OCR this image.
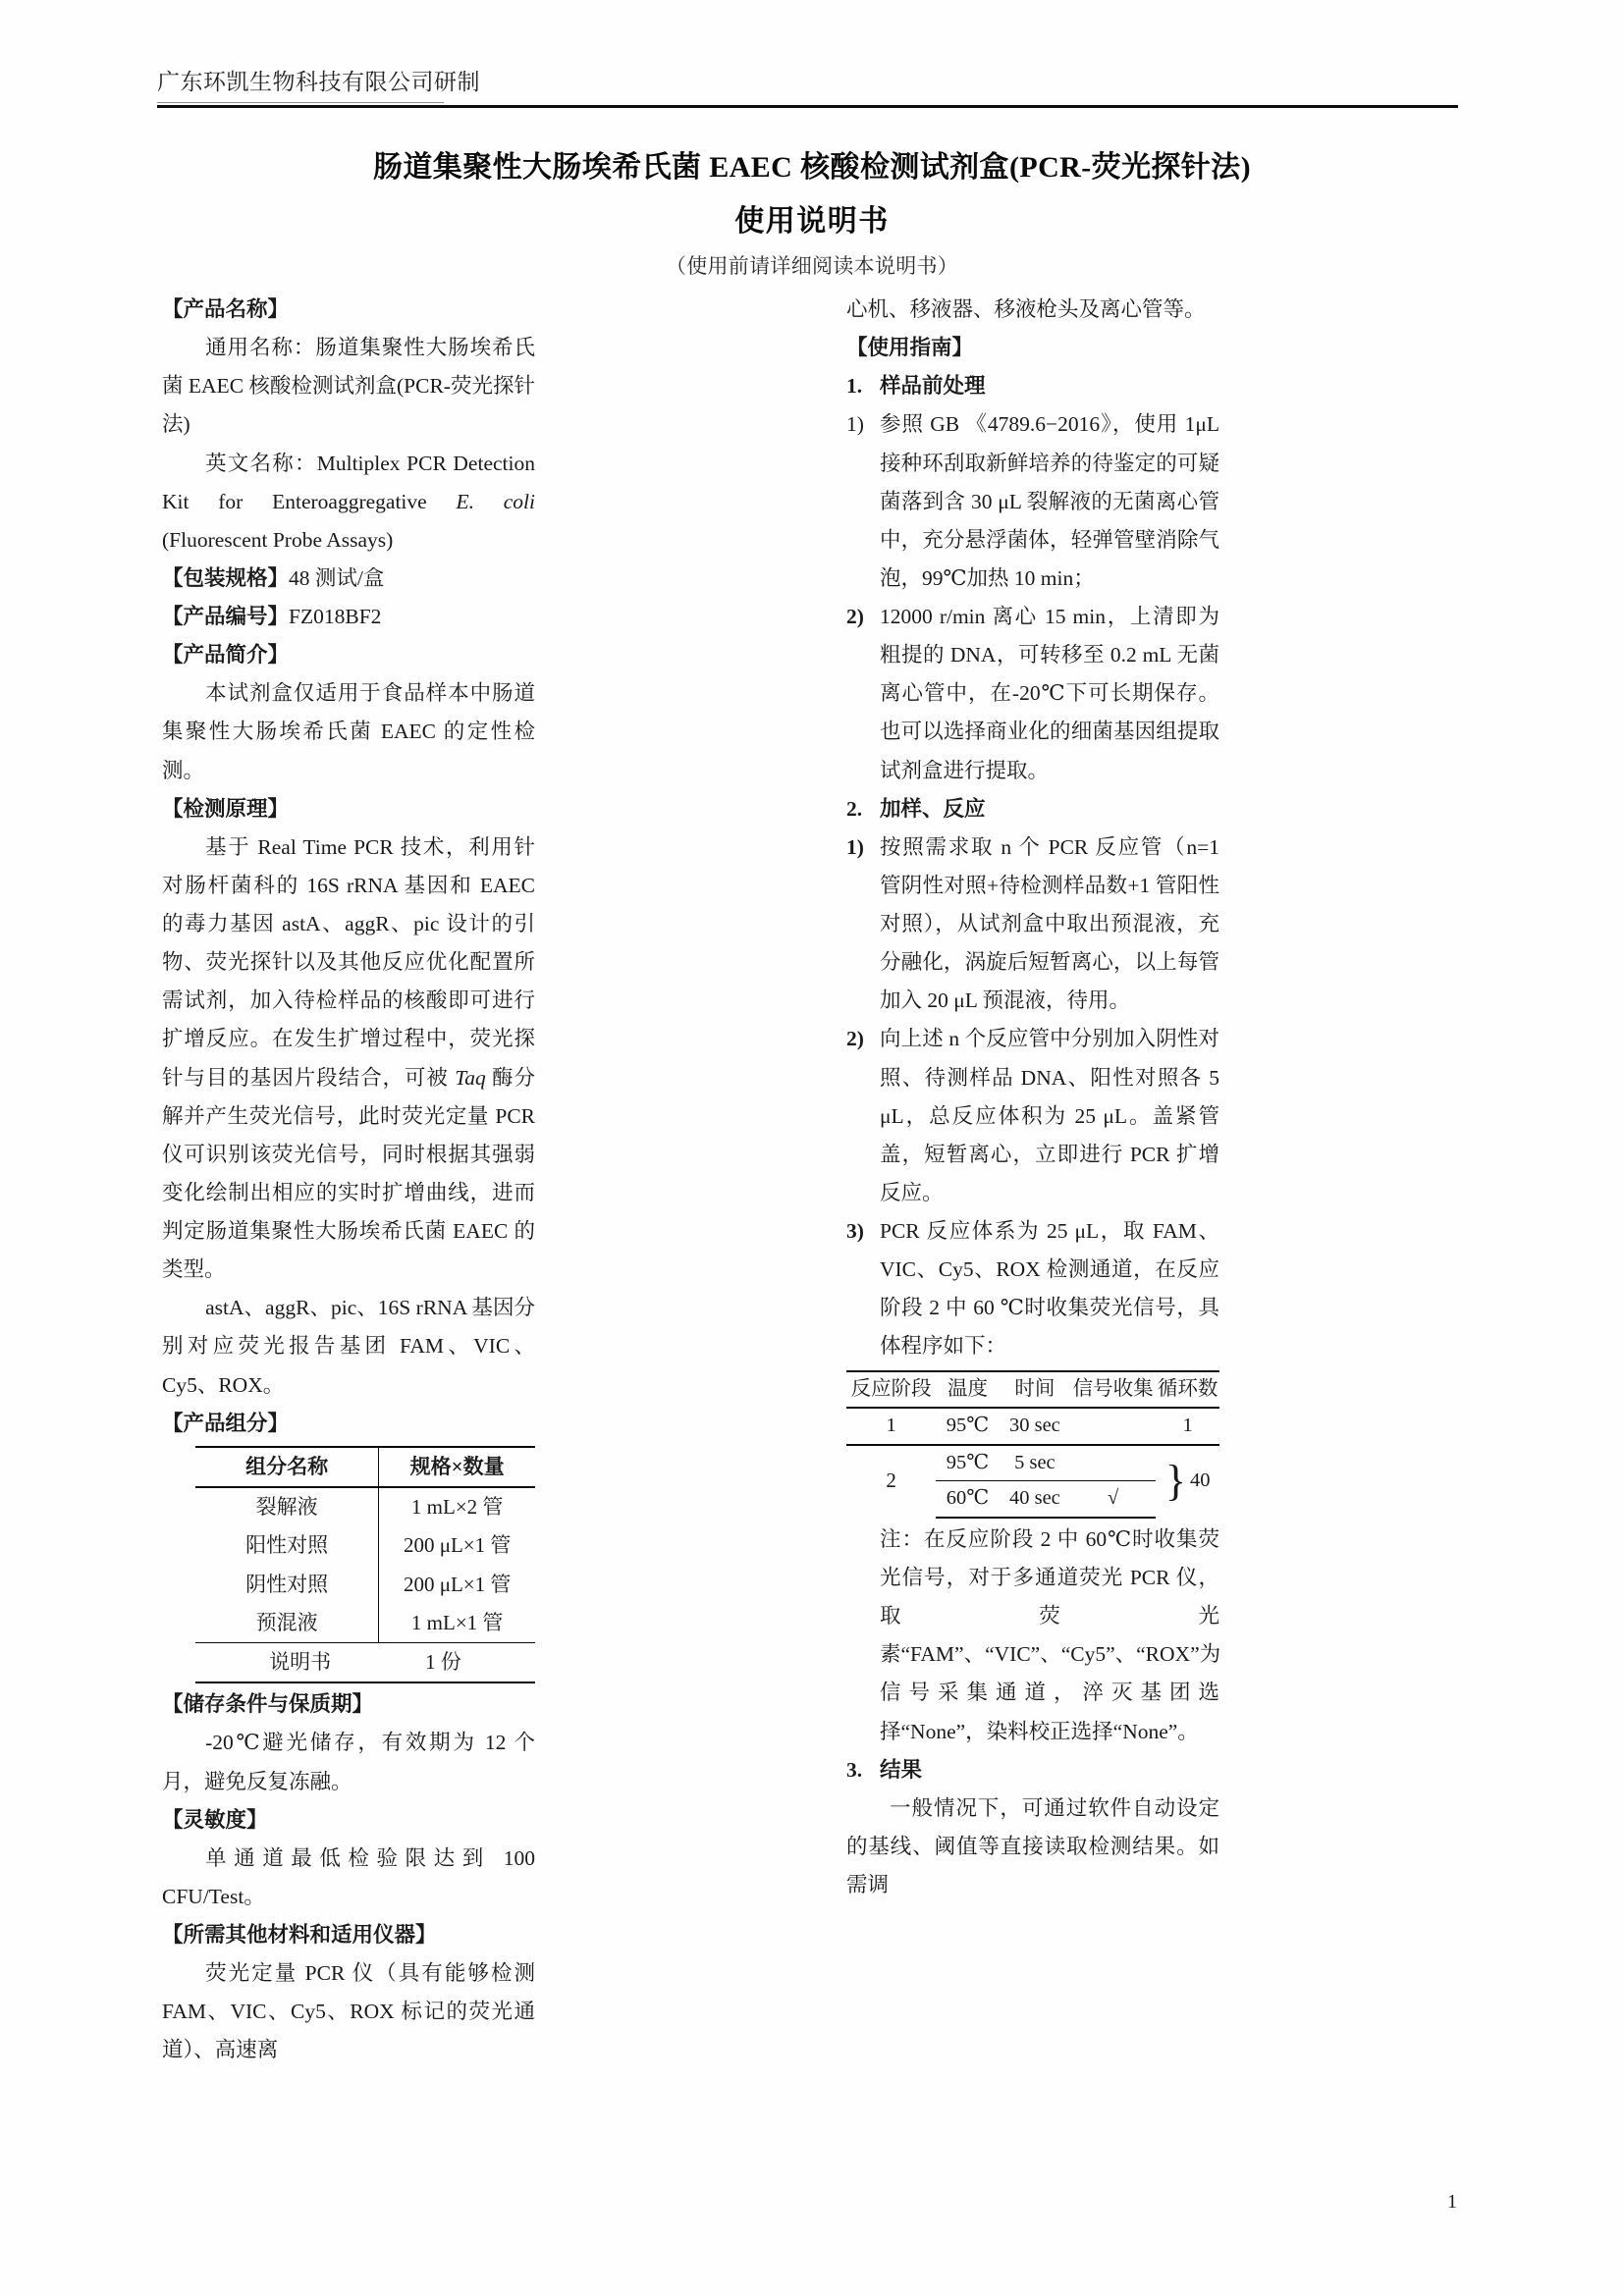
广东环凯生物科技有限公司研制
肠道集聚性大肠埃希氏菌 EAEC 核酸检测试剂盒(PCR-荧光探针法)
使用说明书
（使用前请详细阅读本说明书）
【产品名称】
通用名称：肠道集聚性大肠埃希氏菌 EAEC 核酸检测试剂盒(PCR-荧光探针法)
英文名称：Multiplex PCR Detection Kit for Enteroaggregative E. coli (Fluorescent Probe Assays)
【包装规格】48 测试/盒
【产品编号】FZ018BF2
【产品简介】
本试剂盒仅适用于食品样本中肠道集聚性大肠埃希氏菌 EAEC 的定性检测。
【检测原理】
基于 Real Time PCR 技术，利用针对肠杆菌科的 16S rRNA 基因和 EAEC 的毒力基因 astA、aggR、pic 设计的引物、荧光探针以及其他反应优化配置所需试剂，加入待检样品的核酸即可进行扩增反应。在发生扩增过程中，荧光探针与目的基因片段结合，可被 Taq 酶分解并产生荧光信号，此时荧光定量 PCR 仪可识别该荧光信号，同时根据其强弱变化绘制出相应的实时扩增曲线，进而判定肠道集聚性大肠埃希氏菌 EAEC 的类型。
astA、aggR、pic、16S rRNA 基因分别对应荧光报告基团 FAM、VIC、Cy5、ROX。
【产品组分】
组分名称	规格×数量
裂解液	1 mL×2 管
阳性对照	200 μL×1 管
阴性对照	200 μL×1 管
预混液	1 mL×1 管
说明书 1 份	
【储存条件与保质期】
-20℃避光储存，有效期为 12 个月，避免反复冻融。
【灵敏度】
单通道最低检验限达到 100 CFU/Test。
【所需其他材料和适用仪器】
荧光定量 PCR 仪（具有能够检测 FAM、VIC、Cy5、ROX 标记的荧光通道）、高速离
心机、移液器、移液枪头及离心管等。
【使用指南】
1. 样品前处理
1) 参照 GB 《4789.6−2016》，使用 1μL 接种环刮取新鲜培养的待鉴定的可疑菌落到含 30 μL 裂解液的无菌离心管中，充分悬浮菌体，轻弹管壁消除气泡，99℃加热 10 min；
2) 12000 r/min 离心 15 min，上清即为粗提的 DNA，可转移至 0.2 mL 无菌离心管中，在-20℃下可长期保存。也可以选择商业化的细菌基因组提取试剂盒进行提取。
2. 加样、反应
1) 按照需求取 n 个 PCR 反应管（n=1 管阴性对照+待检测样品数+1 管阳性对照），从试剂盒中取出预混液，充分融化，涡旋后短暂离心，以上每管加入 20 μL 预混液，待用。
2) 向上述 n 个反应管中分别加入阴性对照、待测样品 DNA、阳性对照各 5 μL，总反应体积为 25 μL。盖紧管盖，短暂离心，立即进行 PCR 扩增反应。
3) PCR 反应体系为 25 μL，取 FAM、VIC、Cy5、ROX 检测通道，在反应阶段 2 中 60 ℃时收集荧光信号，具体程序如下：
反应阶段	温度	时间	信号收集	循环数
1	95℃	30 sec		1
2	95℃	5 sec		}  40
	60℃	40 sec	√	
注：在反应阶段 2 中 60℃时收集荧光信号，对于多通道荧光 PCR 仪，取荧光素“FAM”、“VIC”、“Cy5”、“ROX”为信号采集通道，淬灭基团选择“None”，染料校正选择“None”。
3. 结果
一般情况下，可通过软件自动设定的基线、阈值等直接读取检测结果。如需调
1
